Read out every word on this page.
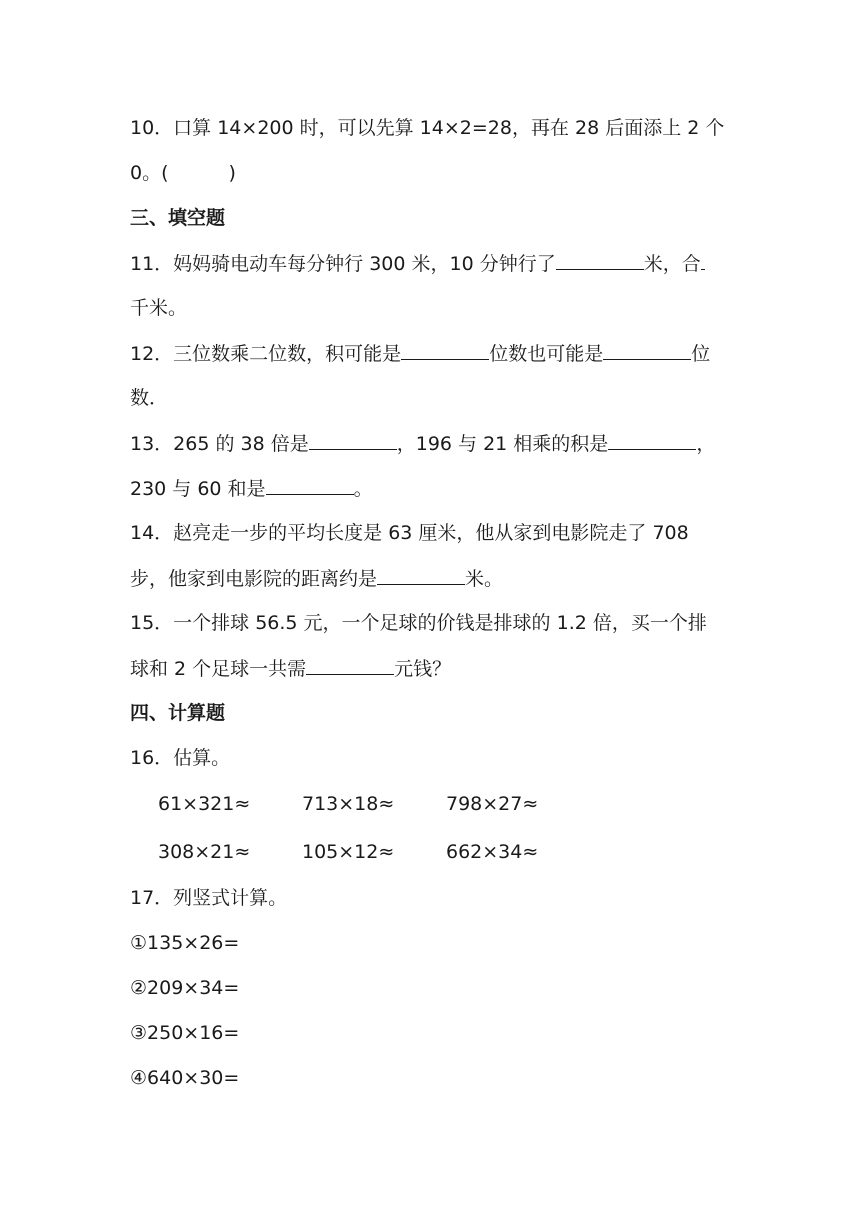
10．口算 14×200 时，可以先算 14×2=28，再在 28 后面添上 2 个
0。(	)
三、填空题
11．妈妈骑电动车每分钟行 300 米，10 分钟行了	米，合
千米。
12．三位数乘二位数，积可能是	位数也可能是	位
数．
13．265 的 38 倍是	，196 与 21 相乘的积是	，
230 与 60 和是	。
14．赵亮走一步的平均长度是 63 厘米，他从家到电影院走了 708
步，他家到电影院的距离约是	米。
15．一个排球 56.5 元，一个足球的价钱是排球的 1.2 倍，买一个排
球和 2 个足球一共需	元钱？
四、计算题
16．估算。
61×321≈	713×18≈	798×27≈
308×21≈	105×12≈	662×34≈
17．列竖式计算。
①135×26=
②209×34=
③250×16=
④640×30=
